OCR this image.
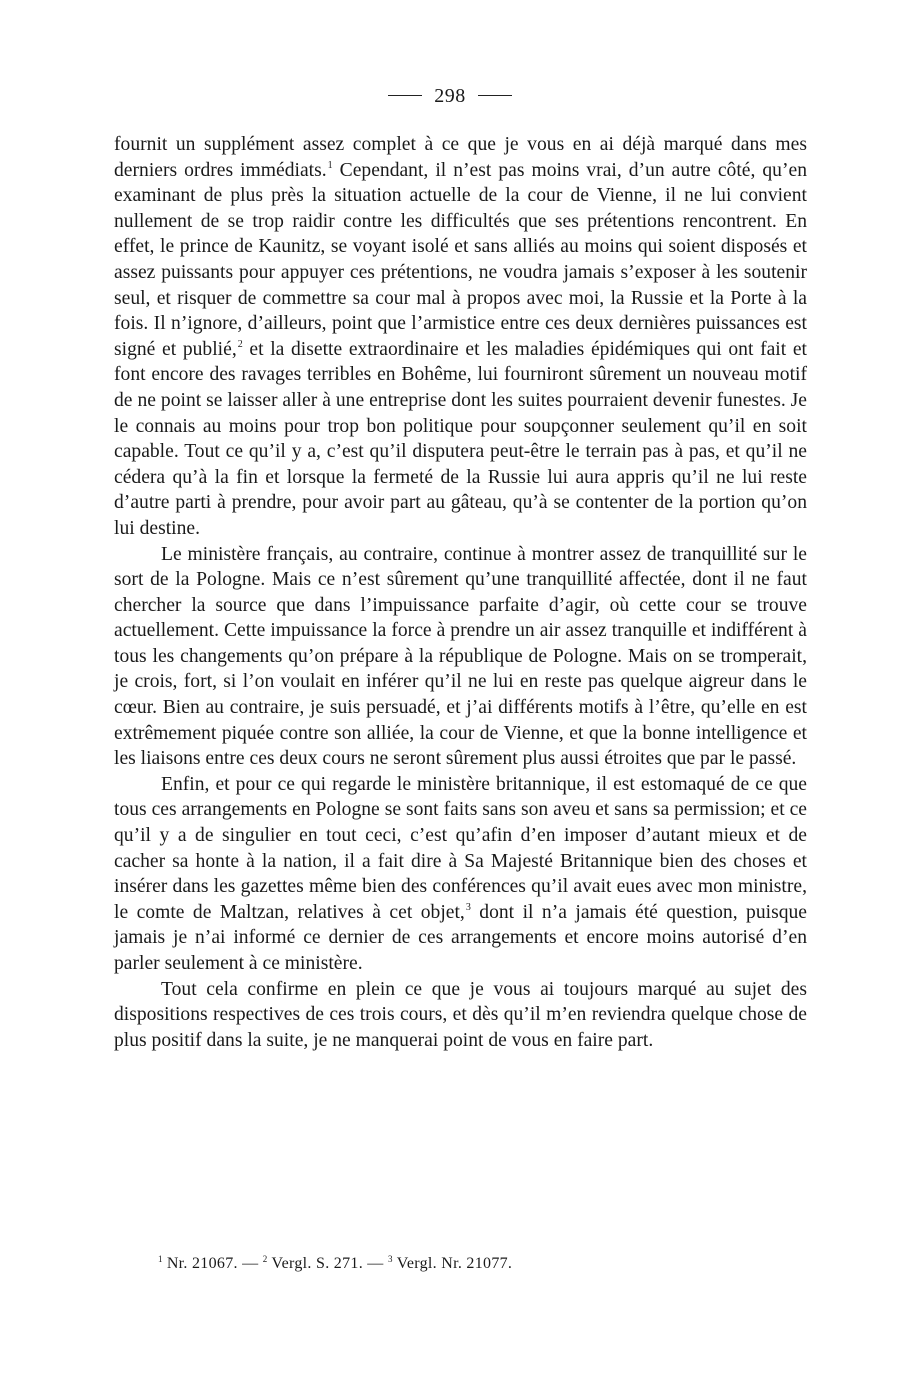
298

fournit un supplément assez complet à ce que je vous en ai déjà marqué dans mes derniers ordres immédiats.$^1$ Cependant, il n’est pas moins vrai, d’un autre côté, qu’en examinant de plus près la situation actuelle de la cour de Vienne, il ne lui convient nullement de se trop raidir contre les difficultés que ses prétentions rencontrent. En effet, le prince de Kaunitz, se voyant isolé et sans alliés au moins qui soient disposés et assez puissants pour appuyer ces prétentions, ne voudra jamais s’exposer à les soutenir seul, et risquer de commettre sa cour mal à propos avec moi, la Russie et la Porte à la fois. Il n’ignore, d’ailleurs, point que l’armistice entre ces deux dernières puissances est signé et publié,$^2$ et la disette extraordinaire et les maladies épidémiques qui ont fait et font encore des ravages terribles en Bohême, lui fourniront sûrement un nouveau motif de ne point se laisser aller à une entreprise dont les suites pourraient devenir funestes. Je le connais au moins pour trop bon politique pour soupçonner seulement qu’il en soit capable. Tout ce qu’il y a, c’est qu’il disputera peut-être le terrain pas à pas, et qu’il ne cédera qu’à la fin et lorsque la fermeté de la Russie lui aura appris qu’il ne lui reste d’autre parti à prendre, pour avoir part au gâteau, qu’à se contenter de la portion qu’on lui destine.

Le ministère français, au contraire, continue à montrer assez de tranquillité sur le sort de la Pologne. Mais ce n’est sûrement qu’une tranquillité affectée, dont il ne faut chercher la source que dans l’impuissance parfaite d’agir, où cette cour se trouve actuellement. Cette impuissance la force à prendre un air assez tranquille et indifférent à tous les changements qu’on prépare à la république de Pologne. Mais on se tromperait, je crois, fort, si l’on voulait en inférer qu’il ne lui en reste pas quelque aigreur dans le cœur. Bien au contraire, je suis persuadé, et j’ai différents motifs à l’être, qu’elle en est extrêmement piquée contre son alliée, la cour de Vienne, et que la bonne intelligence et les liaisons entre ces deux cours ne seront sûrement plus aussi étroites que par le passé.

Enfin, et pour ce qui regarde le ministère britannique, il est estomaqué de ce que tous ces arrangements en Pologne se sont faits sans son aveu et sans sa permission; et ce qu’il y a de singulier en tout ceci, c’est qu’afin d’en imposer d’autant mieux et de cacher sa honte à la nation, il a fait dire à Sa Majesté Britannique bien des choses et insérer dans les gazettes même bien des conférences qu’il avait eues avec mon ministre, le comte de Maltzan, relatives à cet objet,$^3$ dont il n’a jamais été question, puisque jamais je n’ai informé ce dernier de ces arrangements et encore moins autorisé d’en parler seulement à ce ministère.

Tout cela confirme en plein ce que je vous ai toujours marqué au sujet des dispositions respectives de ces trois cours, et dès qu’il m’en reviendra quelque chose de plus positif dans la suite, je ne manquerai point de vous en faire part.

$^1$ Nr. 21067. — $^2$ Vergl. S. 271. — $^3$ Vergl. Nr. 21077.
